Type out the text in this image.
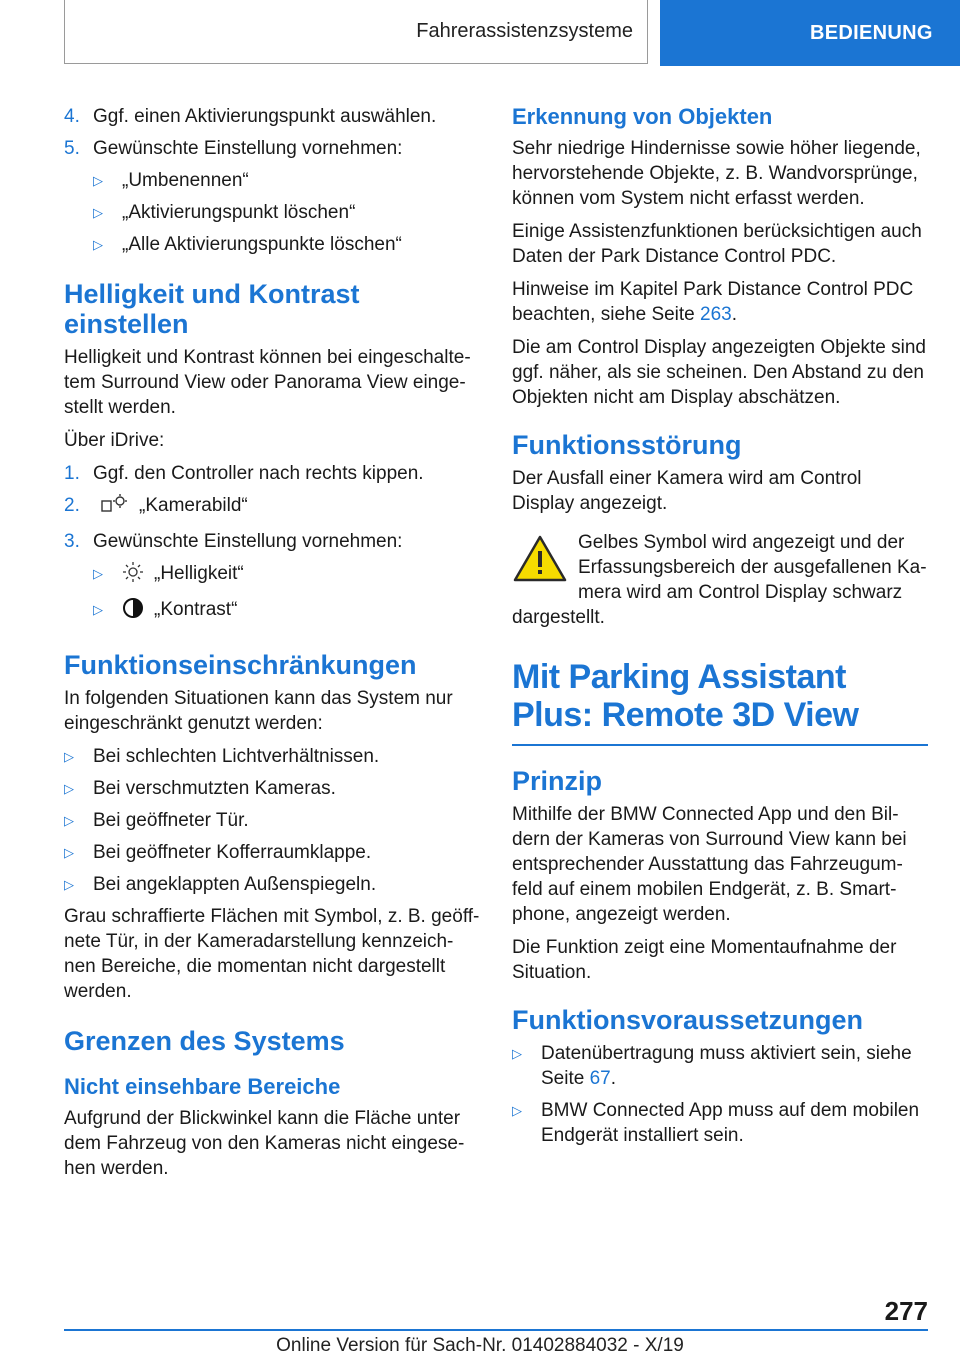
Fahrerassistenzsysteme	BEDIENUNG
4. Ggf. einen Aktivierungspunkt auswählen.
5. Gewünschte Einstellung vornehmen:
▷	„Umbenennen“
▷	„Aktivierungspunkt löschen“
▷	„Alle Aktivierungspunkte löschen“
Helligkeit und Kontrast einstellen

Helligkeit und Kontrast können bei eingeschalte-tem Surround View oder Panorama View einge-stellt werden.

Über iDrive:

1. Ggf. den Controller nach rechts kippen.
2.	„Kamerabild“
3. Gewünschte Einstellung vornehmen:
▷	„Helligkeit“
▷	„Kontrast“
Funktionseinschränkungen

In folgenden Situationen kann das System nur eingeschränkt genutzt werden:

▷	Bei schlechten Lichtverhältnissen.
▷	Bei verschmutzten Kameras.
▷	Bei geöffneter Tür.
▷	Bei geöffneter Kofferraumklappe.
▷	Bei angeklappten Außenspiegeln.

Grau schraffierte Flächen mit Symbol, z. B. geöff-nete Tür, in der Kameradarstellung kennzeich-nen Bereiche, die momentan nicht dargestellt werden.

Grenzen des Systems
Nicht einsehbare Bereiche

Aufgrund der Blickwinkel kann die Fläche unter dem Fahrzeug von den Kameras nicht eingese-hen werden.

Erkennung von Objekten

Sehr niedrige Hindernisse sowie höher liegende, hervorstehende Objekte, z. B. Wandvorsprünge, können vom System nicht erfasst werden.

Einige Assistenzfunktionen berücksichtigen auch Daten der Park Distance Control PDC.

Hinweise im Kapitel Park Distance Control PDC beachten, siehe Seite 263.

Die am Control Display angezeigten Objekte sind ggf. näher, als sie scheinen. Den Abstand zu den Objekten nicht am Display abschätzen.

Funktionsstörung

Der Ausfall einer Kamera wird am Control Display angezeigt.

Gelbes Symbol wird angezeigt und der Erfassungsbereich der ausgefallenen Ka-mera wird am Control Display schwarz

dargestellt.

Mit Parking Assistant Plus: Remote 3D View
Prinzip

Mithilfe der BMW Connected App und den Bil-dern der Kameras von Surround View kann bei entsprechender Ausstattung das Fahrzeugum-feld auf einem mobilen Endgerät, z. B. Smart-phone, angezeigt werden.

Die Funktion zeigt eine Momentaufnahme der Situation.

Funktionsvoraussetzungen
▷	Datenübertragung muss aktiviert sein, siehe Seite 67.
▷	BMW Connected App muss auf dem mobilen Endgerät installiert sein.
277
Online Version für Sach-Nr. 01402884032 - X/19
